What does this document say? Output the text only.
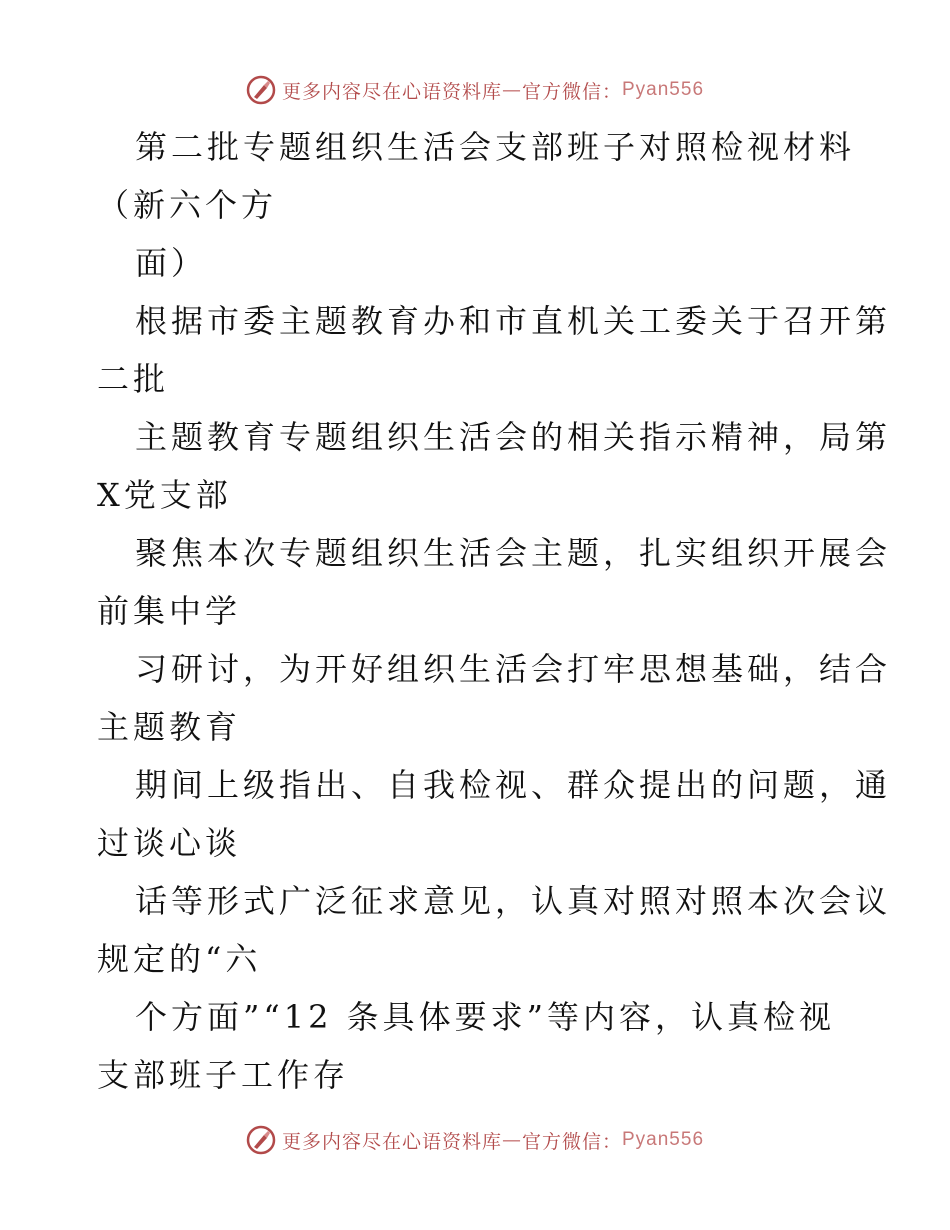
更多内容尽在心语资料库 — 官方微信： Pyan556
第二批专题组织生活会支部班子对照检视材料
（新六个方
面）
根据市委主题教育办和市直机关工委关于召开第
二批
主题教育专题组织生活会的相关指示精神，局第
X党支部
聚焦本次专题组织生活会主题，扎实组织开展会
前集中学
习研讨，为开好组织生活会打牢思想基础，结合
主题教育
期间上级指出、自我检视、群众提出的问题，通
过谈心谈
话等形式广泛征求意见，认真对照对照本次会议
规定的“六
个方面”“12 条具体要求”等内容，认真检视
支部班子工作存
更多内容尽在心语资料库 — 官方微信： Pyan556
